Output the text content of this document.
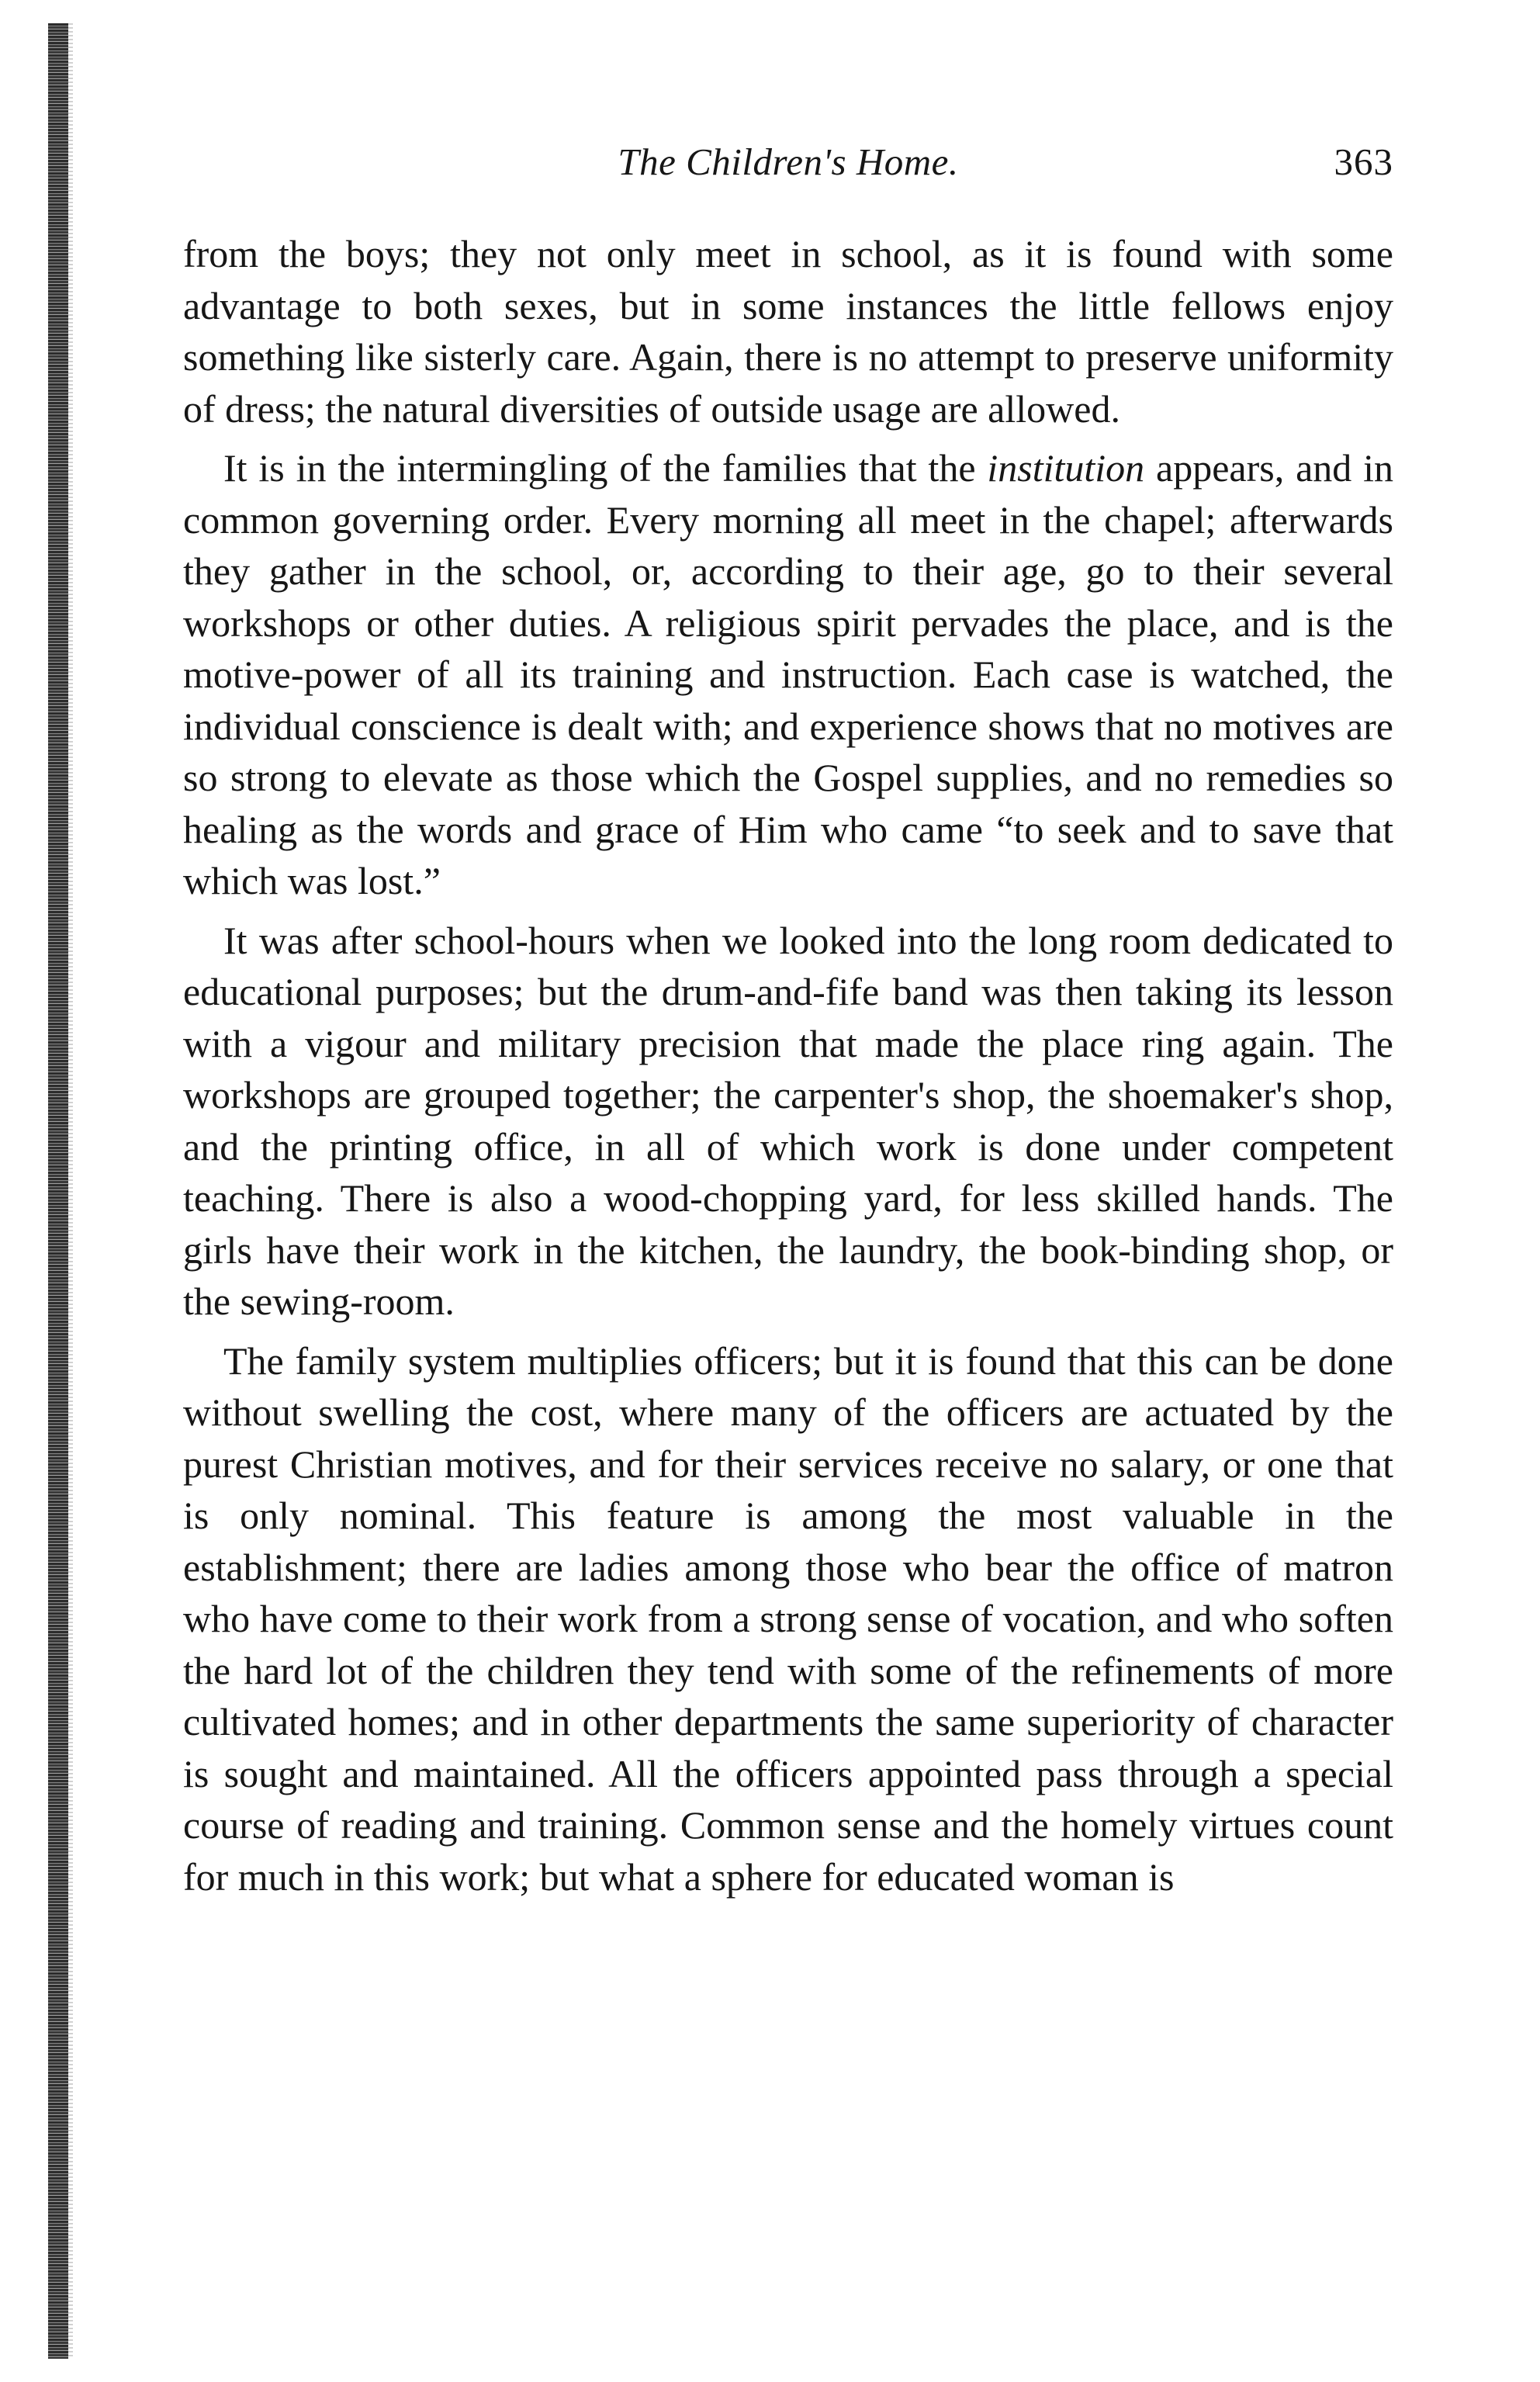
The Children's Home.	363

from the boys; they not only meet in school, as it is found with some advantage to both sexes, but in some instances the little fellows enjoy something like sisterly care. Again, there is no attempt to preserve uniformity of dress; the natural diversities of outside usage are allowed.

It is in the intermingling of the families that the institution appears, and in common governing order. Every morning all meet in the chapel; afterwards they gather in the school, or, according to their age, go to their several workshops or other duties. A religious spirit pervades the place, and is the motive-power of all its training and instruction. Each case is watched, the individual conscience is dealt with; and experience shows that no motives are so strong to elevate as those which the Gospel supplies, and no remedies so healing as the words and grace of Him who came “to seek and to save that which was lost.”

It was after school-hours when we looked into the long room dedicated to educational purposes; but the drum-and-fife band was then taking its lesson with a vigour and military precision that made the place ring again. The workshops are grouped together; the carpenter's shop, the shoemaker's shop, and the printing office, in all of which work is done under competent teaching. There is also a wood-chopping yard, for less skilled hands. The girls have their work in the kitchen, the laundry, the book-binding shop, or the sewing-room.

The family system multiplies officers; but it is found that this can be done without swelling the cost, where many of the officers are actuated by the purest Christian motives, and for their services receive no salary, or one that is only nominal. This feature is among the most valuable in the establishment; there are ladies among those who bear the office of matron who have come to their work from a strong sense of vocation, and who soften the hard lot of the children they tend with some of the refinements of more cultivated homes; and in other departments the same superiority of character is sought and maintained. All the officers appointed pass through a special course of reading and training. Common sense and the homely virtues count for much in this work; but what a sphere for educated woman is
